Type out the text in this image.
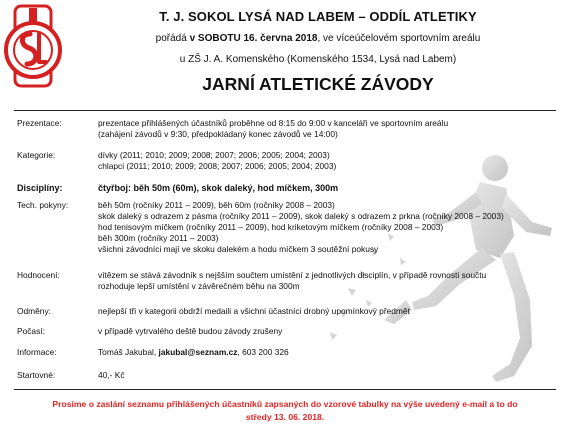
T. J. SOKOL LYSÁ NAD LABEM – ODDÍL ATLETIKY
pořádá v SOBOTU 16. června 2018, ve víceúčelovém sportovním areálu
u ZŠ J. A. Komenského (Komenského 1534, Lysá nad Labem)
JARNÍ ATLETICKÉ ZÁVODY
Prezentace:	prezentace přihlášených účastníků proběhne od 8:15 do 9:00 v kanceláři ve sportovním areálu
(zahájení závodů v 9:30, předpokládaný konec závodů ve 14:00)
Kategorie:	dívky (2011; 2010; 2009; 2008; 2007; 2006; 2005; 2004; 2003)
chlapci (2011; 2010; 2009; 2008; 2007; 2006; 2005; 2004; 2003)
Disciplíny:	čtyřboj: běh 50m (60m), skok daleký, hod míčkem, 300m
Tech. pokyny:	běh 50m (ročníky 2011 – 2009), běh 60m (ročníky 2008 – 2003)
skok daleký s odrazem z pásma (ročníky 2011 – 2009), skok daleký s odrazem z prkna (ročníky 2008 – 2003)
hod tenisovým míčkem (ročníky 2011 – 2009), hod kriketovým míčkem (ročníky 2008 – 2003)
běh 300m (ročníky 2011 – 2003)
všichni závodníci mají ve skoku dalekém a hodu míčkem 3 soutěžní pokusy
Hodnocení:	vítězem se stává závodník s nejšším součtem umístění z jednotlivých disciplín, v případě rovnosti součtu
rozhoduje lepší umístění v závěrečném běhu na 300m
Odměny:	nejlepší tři v kategorii obdrží medaili a všichni účastníci drobný upomínkový předmět
Počasí:	v případě vytrvalého deště budou závody zrušeny
Informace:	Tomáš Jakubal, jakubal@seznam.cz, 603 200 326
Startovné:	40,- Kč
Prosíme o zaslání seznamu přihlášených účastníků zapsaných do vzorové tabulky na výše uvedený e-mail a to do
středy 13. 06. 2018.
